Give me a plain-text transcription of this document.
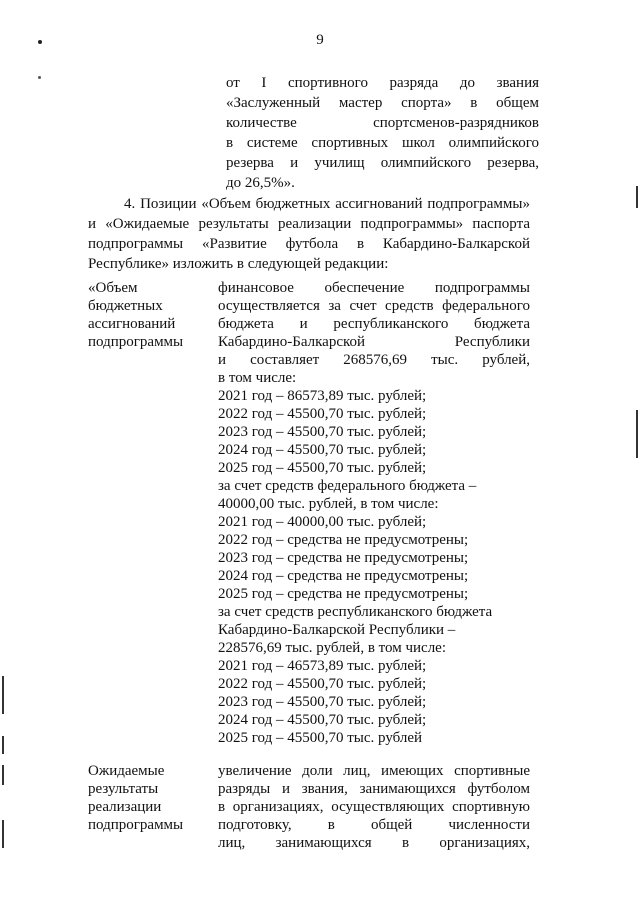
9
от I спортивного разряда до звания
«Заслуженный мастер спорта» в общем
количестве спортсменов-разрядников
в системе спортивных школ олимпийского
резерва и училищ олимпийского резерва,
до 26,5%».
4. Позиции «Объем бюджетных ассигнований подпрограммы»
и «Ожидаемые результаты реализации подпрограммы» паспорта
подпрограммы «Развитие футбола в Кабардино-Балкарской
Республике» изложить в следующей редакции:
«Объем
бюджетных
ассигнований
подпрограммы
финансовое обеспечение подпрограммы
осуществляется за счет средств федерального
бюджета и республиканского бюджета
Кабардино-Балкарской Республики
и составляет 268576,69 тыс. рублей,
в том числе:
2021 год – 86573,89 тыс. рублей;
2022 год – 45500,70 тыс. рублей;
2023 год – 45500,70 тыс. рублей;
2024 год – 45500,70 тыс. рублей;
2025 год – 45500,70 тыс. рублей;
за счет средств федерального бюджета –
40000,00 тыс. рублей, в том числе:
2021 год – 40000,00 тыс. рублей;
2022 год – средства не предусмотрены;
2023 год – средства не предусмотрены;
2024 год – средства не предусмотрены;
2025 год – средства не предусмотрены;
за счет средств республиканского бюджета
Кабардино-Балкарской Республики –
228576,69 тыс. рублей, в том числе:
2021 год – 46573,89 тыс. рублей;
2022 год – 45500,70 тыс. рублей;
2023 год – 45500,70 тыс. рублей;
2024 год – 45500,70 тыс. рублей;
2025 год – 45500,70 тыс. рублей
Ожидаемые
результаты
реализации
подпрограммы
увеличение доли лиц, имеющих спортивные
разряды и звания, занимающихся футболом
в организациях, осуществляющих спортивную
подготовку, в общей численности
лиц, занимающихся в организациях,
